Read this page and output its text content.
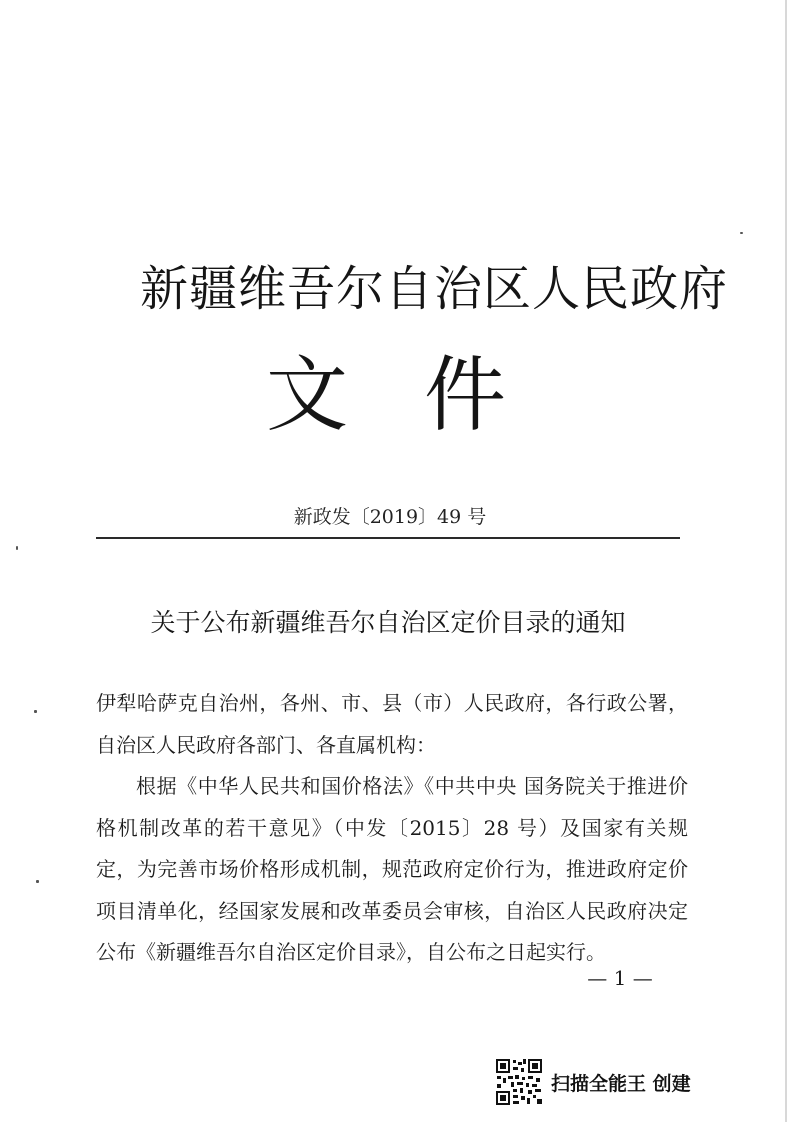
新疆维吾尔自治区人民政府
文 件
新政发〔2019〕49 号
关于公布新疆维吾尔自治区定价目录的通知

伊犁哈萨克自治州，各州、市、县（市）人民政府，各行政公署，自治区人民政府各部门、各直属机构：

根据《中华人民共和国价格法》《中共中央 国务院关于推进价格机制改革的若干意见》（中发〔2015〕28 号）及国家有关规定，为完善市场价格形成机制，规范政府定价行为，推进政府定价项目清单化，经国家发展和改革委员会审核，自治区人民政府决定公布《新疆维吾尔自治区定价目录》，自公布之日起实行。

— 1 —
扫描全能王 创建
